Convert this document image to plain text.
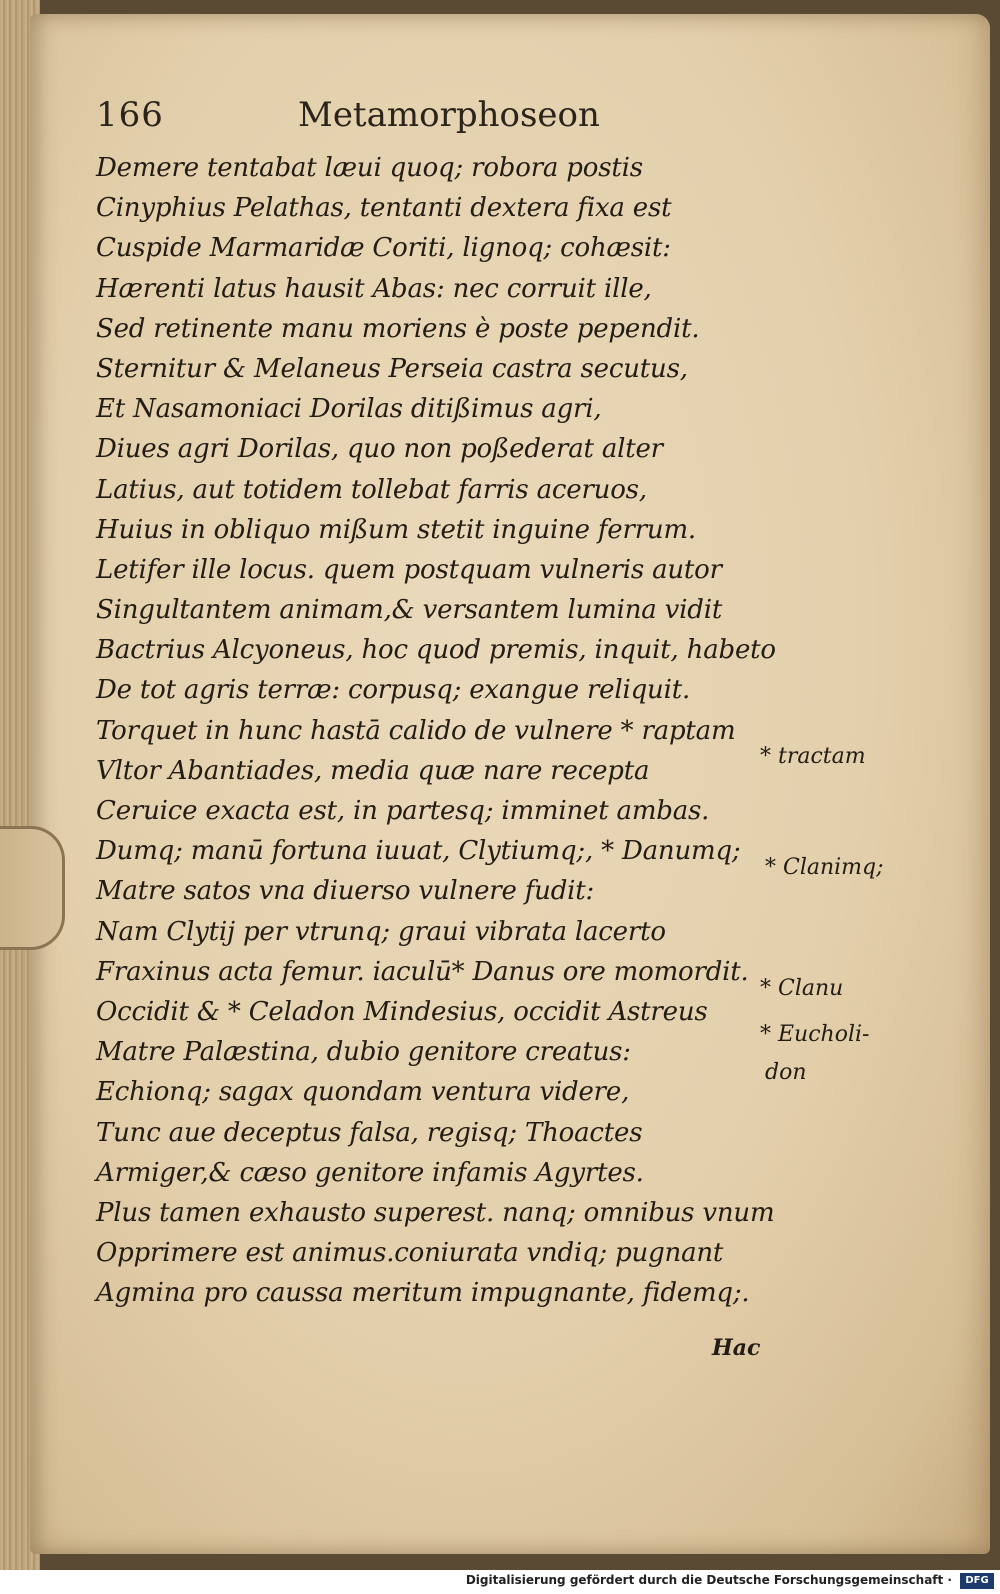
166	Metamorphoseon
Demere tentabat læui quoq; robora postis
Cinyphius Pelathas, tentanti dextera fixa est
Cuspide Marmaridæ Coriti, lignoq; cohæsit:
Hærenti latus hausit Abas: nec corruit ille,
Sed retinente manu moriens è poste pependit.
Sternitur & Melaneus Perseia castra secutus,
Et Nasamoniaci Dorilas ditißimus agri,
Diues agri Dorilas, quo non poßederat alter
Latius, aut totidem tollebat farris aceruos,
Huius in obliquo mißum stetit inguine ferrum.
Letifer ille locus. quem postquam vulneris autor
Singultantem animam,& versantem lumina vidit
Bactrius Alcyoneus, hoc quod premis, inquit, habeto
De tot agris terræ: corpusq; exangue reliquit.
Torquet in hunc hastā calido de vulnere * raptam
Vltor Abantiades, media quæ nare recepta
Ceruice exacta est, in partesq; imminet ambas.
Dumq; manū fortuna iuuat, Clytiumq;, * Danumq;
Matre satos vna diuerso vulnere fudit:
Nam Clytij per vtrunq; graui vibrata lacerto
Fraxinus acta femur. iaculū* Danus ore momordit.
Occidit & * Celadon Mindesius, occidit Astreus
Matre Palæstina, dubio genitore creatus:
Echionq; sagax quondam ventura videre,
Tunc aue deceptus falsa, regisq; Thoactes
Armiger,& cæso genitore infamis Agyrtes.
Plus tamen exhausto superest. nanq; omnibus vnum
Opprimere est animus.coniurata vndiq; pugnant
Agmina pro caussa meritum impugnante, fidemq;.
* tractam
* Clanimq;
* Clanu
* Eucholi-
don
Hac
Digitalisierung gefördert durch die Deutsche Forschungsgemeinschaft ·	DFG
